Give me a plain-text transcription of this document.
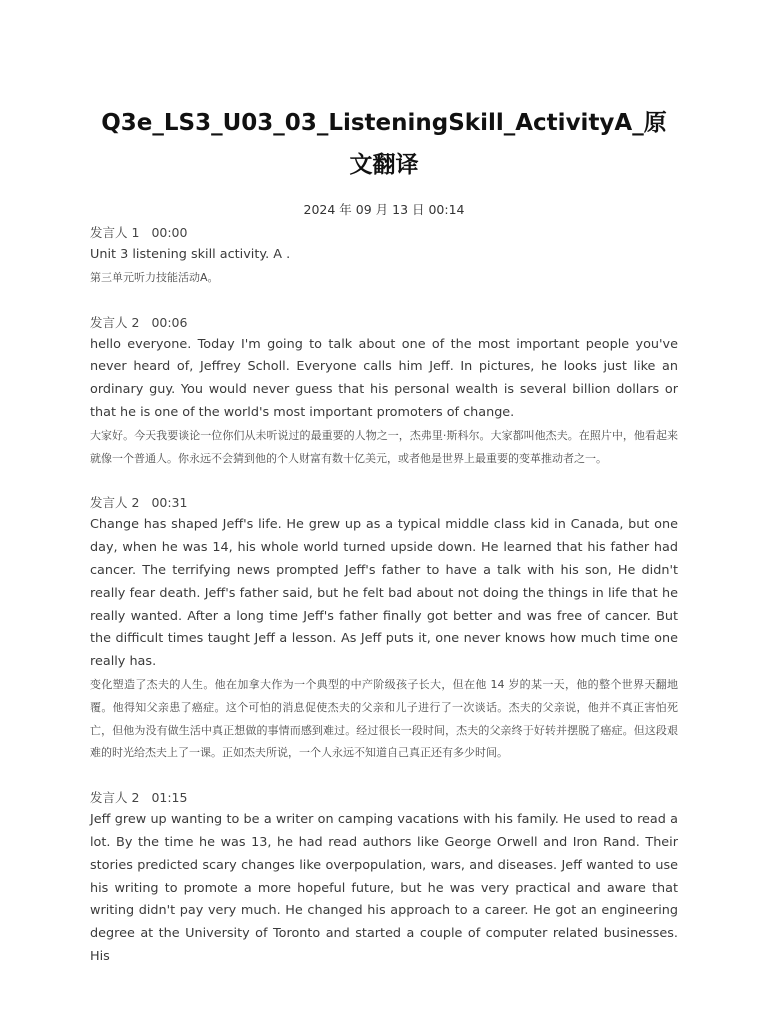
Q3e_LS3_U03_03_ListeningSkill_ActivityA_原文翻译
2024 年 09 月 13 日 00:14
发言人 1 00:00
Unit 3 listening skill activity. A .
第三单元听力技能活动A。
发言人 2 00:06
hello everyone. Today I'm going to talk about one of the most important people you've never heard of, Jeffrey Scholl. Everyone calls him Jeff. In pictures, he looks just like an ordinary guy. You would never guess that his personal wealth is several billion dollars or that he is one of the world's most important promoters of change.
大家好。今天我要谈论一位你们从未听说过的最重要的人物之一，杰弗里·斯科尔。大家都叫他杰夫。在照片中，他看起来就像一个普通人。你永远不会猜到他的个人财富有数十亿美元，或者他是世界上最重要的变革推动者之一。
发言人 2 00:31
Change has shaped Jeff's life. He grew up as a typical middle class kid in Canada, but one day, when he was 14, his whole world turned upside down. He learned that his father had cancer. The terrifying news prompted Jeff's father to have a talk with his son, He didn't really fear death. Jeff's father said, but he felt bad about not doing the things in life that he really wanted. After a long time Jeff's father finally got better and was free of cancer. But the difficult times taught Jeff a lesson. As Jeff puts it, one never knows how much time one really has.
变化塑造了杰夫的人生。他在加拿大作为一个典型的中产阶级孩子长大，但在他 14 岁的某一天，他的整个世界天翻地覆。他得知父亲患了癌症。这个可怕的消息促使杰夫的父亲和儿子进行了一次谈话。杰夫的父亲说，他并不真正害怕死亡，但他为没有做生活中真正想做的事情而感到难过。经过很长一段时间，杰夫的父亲终于好转并摆脱了癌症。但这段艰难的时光给杰夫上了一课。正如杰夫所说，一个人永远不知道自己真正还有多少时间。
发言人 2 01:15
Jeff grew up wanting to be a writer on camping vacations with his family. He used to read a lot. By the time he was 13, he had read authors like George Orwell and Iron Rand. Their stories predicted scary changes like overpopulation, wars, and diseases. Jeff wanted to use his writing to promote a more hopeful future, but he was very practical and aware that writing didn't pay very much. He changed his approach to a career. He got an engineering degree at the University of Toronto and started a couple of computer related businesses. His
